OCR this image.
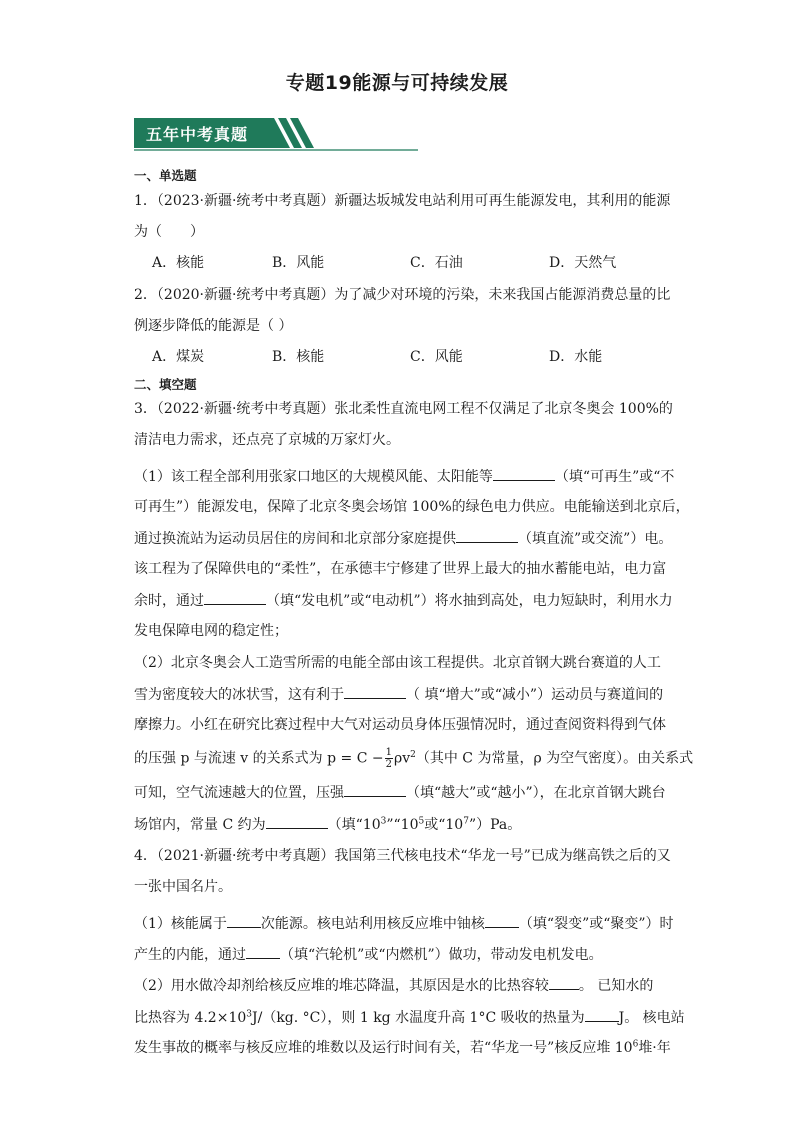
专题19能源与可持续发展
五年中考真题
一、单选题
1．（2023·新疆·统考中考真题）新疆达坂城发电站利用可再生能源发电，其利用的能源
为（　　）
A．核能	B．风能	C．石油	D．天然气
2．（2020·新疆·统考中考真题）为了减少对环境的污染，未来我国占能源消费总量的比
例逐步降低的能源是（ ）
A．煤炭	B．核能	C．风能	D．水能
二、填空题
3．（2022·新疆·统考中考真题）张北柔性直流电网工程不仅满足了北京冬奥会 100%的
清洁电力需求，还点亮了京城的万家灯火。
（1）该工程全部利用张家口地区的大规模风能、太阳能等	（填“可再生”或“不
可再生”）能源发电，保障了北京冬奥会场馆 100%的绿色电力供应。电能输送到北京后，
通过换流站为运动员居住的房间和北京部分家庭提供	（填直流”或交流”）电。
该工程为了保障供电的“柔性”，在承德丰宁修建了世界上最大的抽水蓄能电站，电力富
余时，通过	（填“发电机”或“电动机”）将水抽到高处，电力短缺时，利用水力
发电保障电网的稳定性；
（2）北京冬奥会人工造雪所需的电能全部由该工程提供。北京首钢大跳台赛道的人工
雪为密度较大的冰状雪，这有利于	（ 填“增大”或“减小”）运动员与赛道间的
摩擦力。小红在研究比赛过程中大气对运动员身体压强情况时，通过查阅资料得到气体
的压强 p 与流速 v 的关系式为 $p = C - \frac{1}{2} \rho v^2$（其中 C 为常量，ρ 为空气密度）。由关系式
可知，空气流速越大的位置，压强	（填“越大”或“越小”），在北京首钢大跳台
场馆内，常量 C 约为	（填“$10^3”“10^5$或“$10^7”)Pa$。
4．（2021·新疆·统考中考真题）我国第三代核电技术“华龙一号”已成为继高铁之后的又
一张中国名片。
（1）核能属于 次能源。核电站利用核反应堆中铀核 （填“裂变”或“聚变”）时
产生的内能，通过 （填“汽轮机”或“内燃机”）做功，带动发电机发电。
（2）用水做冷却剂给核反应堆的堆芯降温，其原因是水的比热容较 。 已知水的
比热容为 $4.2\times 10^3J/(kg$. °C），则 1 kg 水温度升高 1°C 吸收的热量为 J。 核电站
发生事故的概率与核反应堆的堆数以及运行时间有关，若“华龙一号”核反应堆 $10^6$堆·年
